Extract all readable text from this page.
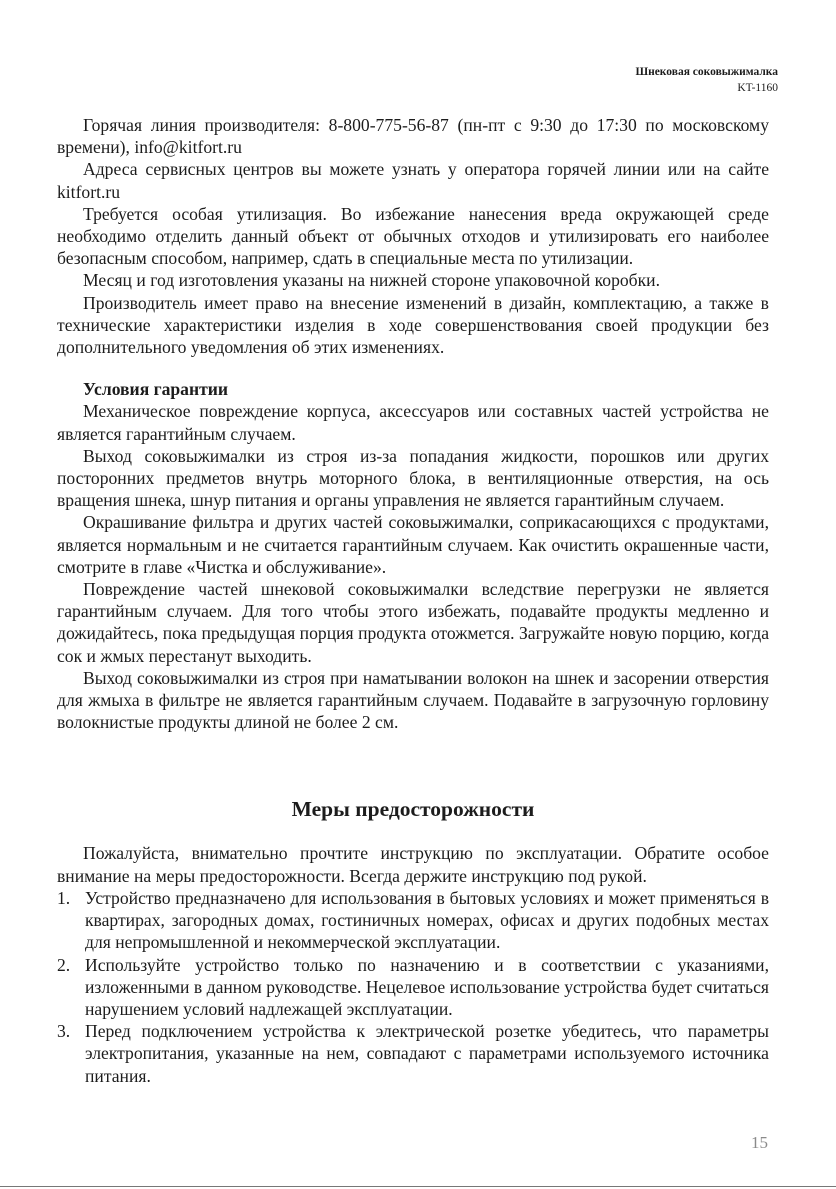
Шнековая соковыжималка
KT-1160

Горячая линия производителя: 8-800-775-56-87 (пн-пт с 9:30 до 17:30 по московскому времени), info@kitfort.ru

Адреса сервисных центров вы можете узнать у оператора горячей линии или на сайте kitfort.ru

Требуется особая утилизация. Во избежание нанесения вреда окружающей среде необходимо отделить данный объект от обычных отходов и утилизировать его наиболее безопасным способом, например, сдать в специальные места по утилизации.

Месяц и год изготовления указаны на нижней стороне упаковочной коробки.

Производитель имеет право на внесение изменений в дизайн, комплектацию, а также в технические характеристики изделия в ходе совершенствования своей продукции без дополнительного уведомления об этих изменениях.

Условия гарантии

Механическое повреждение корпуса, аксессуаров или составных частей устройства не является гарантийным случаем.

Выход соковыжималки из строя из-за попадания жидкости, порошков или других посторонних предметов внутрь моторного блока, в вентиляционные отверстия, на ось вращения шнека, шнур питания и органы управления не является гарантийным случаем.

Окрашивание фильтра и других частей соковыжималки, соприкасающихся с продуктами, является нормальным и не считается гарантийным случаем. Как очистить окрашенные части, смотрите в главе «Чистка и обслуживание».

Повреждение частей шнековой соковыжималки вследствие перегрузки не является гарантийным случаем. Для того чтобы этого избежать, подавайте продукты медленно и дожидайтесь, пока предыдущая порция продукта отожмется. Загружайте новую порцию, когда сок и жмых перестанут выходить.

Выход соковыжималки из строя при наматывании волокон на шнек и засорении отверстия для жмыха в фильтре не является гарантийным случаем. Подавайте в загрузочную горловину волокнистые продукты длиной не более 2 см.

Меры предосторожности

Пожалуйста, внимательно прочтите инструкцию по эксплуатации. Обратите особое внимание на меры предосторожности. Всегда держите инструкцию под рукой.

1. Устройство предназначено для использования в бытовых условиях и может применяться в квартирах, загородных домах, гостиничных номерах, офисах и других подобных местах для непромышленной и некоммерческой эксплуатации.
2. Используйте устройство только по назначению и в соответствии с указаниями, изложенными в данном руководстве. Нецелевое использование устройства будет считаться нарушением условий надлежащей эксплуатации.
3. Перед подключением устройства к электрической розетке убедитесь, что параметры электропитания, указанные на нем, совпадают с параметрами используемого источника питания.
15
